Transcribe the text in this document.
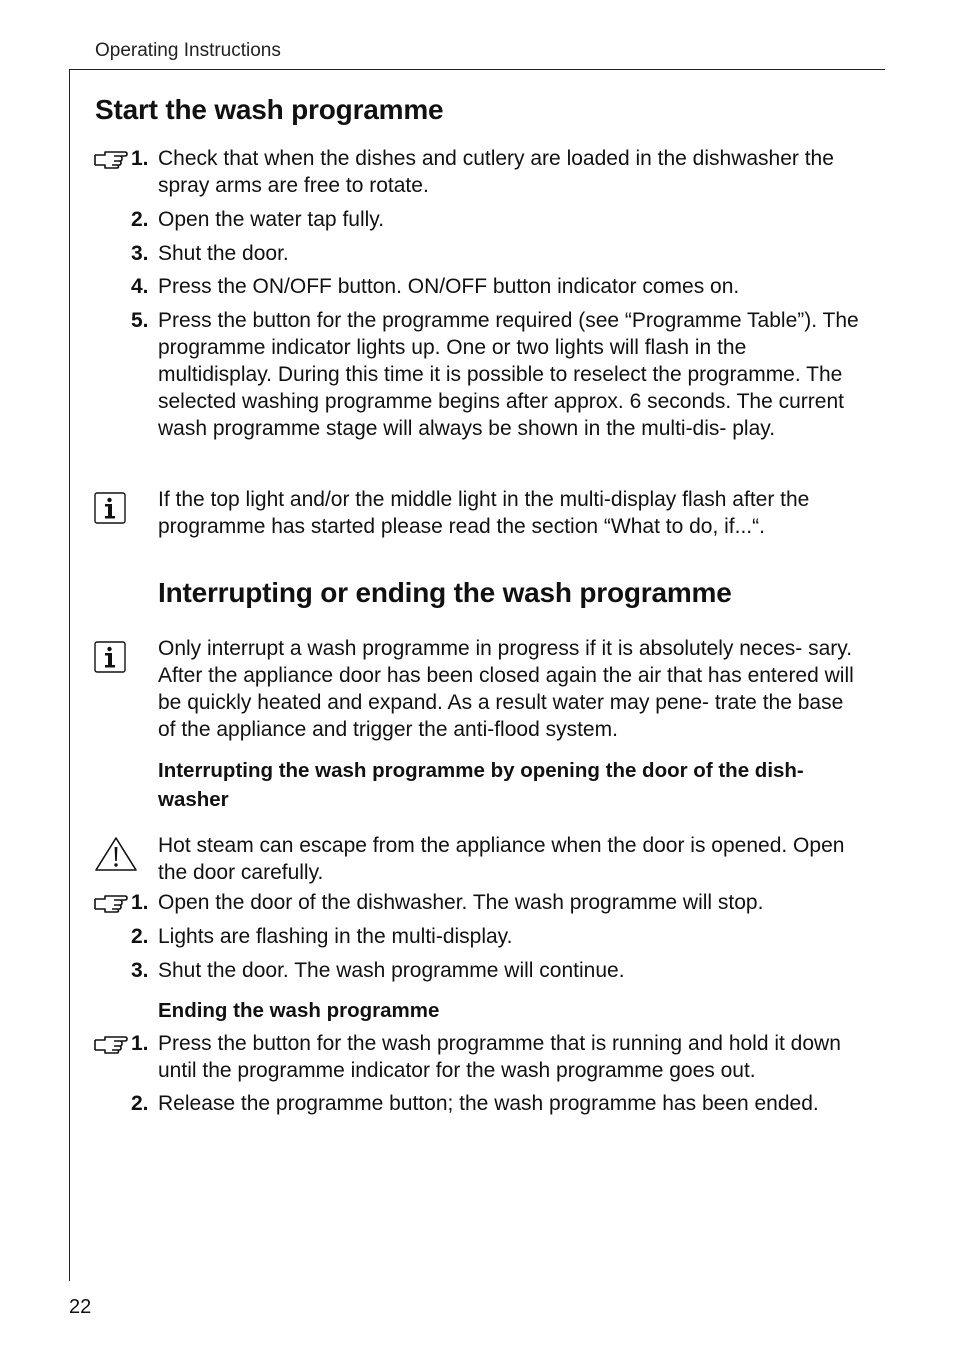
Operating Instructions
Start the wash programme
1. Check that when the dishes and cutlery are loaded in the dishwasher the spray arms are free to rotate.
2. Open the water tap fully.
3. Shut the door.
4. Press the ON/OFF button. ON/OFF button indicator comes on.
5. Press the button for the programme required (see “Programme Table”). The programme indicator lights up. One or two lights will flash in the multidisplay. During this time it is possible to reselect the programme. The selected washing programme begins after approx. 6 seconds. The current wash programme stage will always be shown in the multi-dis- play.
If the top light and/or the middle light in the multi-display flash after the programme has started please read the section “What to do, if...“.
Interrupting or ending the wash programme
Only interrupt a wash programme in progress if it is absolutely neces- sary. After the appliance door has been closed again the air that has entered will be quickly heated and expand. As a result water may pene- trate the base of the appliance and trigger the anti-flood system.
Interrupting the wash programme by opening the door of the dish- washer
Hot steam can escape from the appliance when the door is opened. Open the door carefully.
1. Open the door of the dishwasher. The wash programme will stop.
2. Lights are flashing in the multi-display.
3. Shut the door. The wash programme will continue.
Ending the wash programme
1. Press the button for the wash programme that is running and hold it down until the programme indicator for the wash programme goes out.
2. Release the programme button; the wash programme has been ended.
22
